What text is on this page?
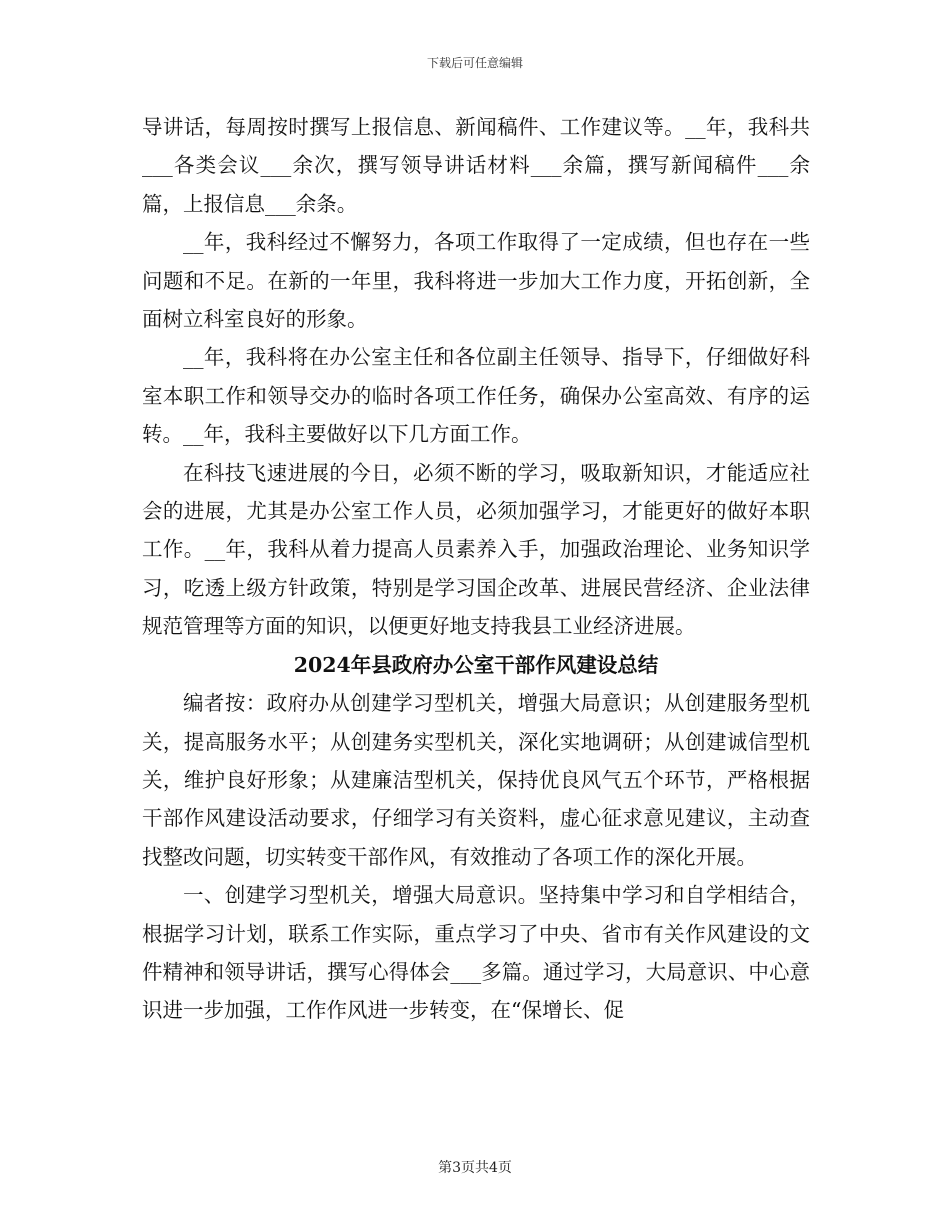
下载后可任意编辑

导讲话，每周按时撰写上报信息、新闻稿件、工作建议等。__年，我科共___各类会议___余次，撰写领导讲话材料___余篇，撰写新闻稿件___余篇，上报信息___余条。

__年，我科经过不懈努力，各项工作取得了一定成绩，但也存在一些问题和不足。在新的一年里，我科将进一步加大工作力度，开拓创新，全面树立科室良好的形象。

__年，我科将在办公室主任和各位副主任领导、指导下，仔细做好科室本职工作和领导交办的临时各项工作任务，确保办公室高效、有序的运转。__年，我科主要做好以下几方面工作。

在科技飞速进展的今日，必须不断的学习，吸取新知识，才能适应社会的进展，尤其是办公室工作人员，必须加强学习，才能更好的做好本职工作。__年，我科从着力提高人员素养入手，加强政治理论、业务知识学习，吃透上级方针政策，特别是学习国企改革、进展民营经济、企业法律规范管理等方面的知识，以便更好地支持我县工业经济进展。

2024年县政府办公室干部作风建设总结

编者按：政府办从创建学习型机关，增强大局意识；从创建服务型机关，提高服务水平；从创建务实型机关，深化实地调研；从创建诚信型机关，维护良好形象；从建廉洁型机关，保持优良风气五个环节，严格根据干部作风建设活动要求，仔细学习有关资料，虚心征求意见建议，主动查找整改问题，切实转变干部作风，有效推动了各项工作的深化开展。

一、创建学习型机关，增强大局意识。坚持集中学习和自学相结合，根据学习计划，联系工作实际，重点学习了中央、省市有关作风建设的文件精神和领导讲话，撰写心得体会___多篇。通过学习，大局意识、中心意识进一步加强，工作作风进一步转变，在“保增长、促

第3页共4页
